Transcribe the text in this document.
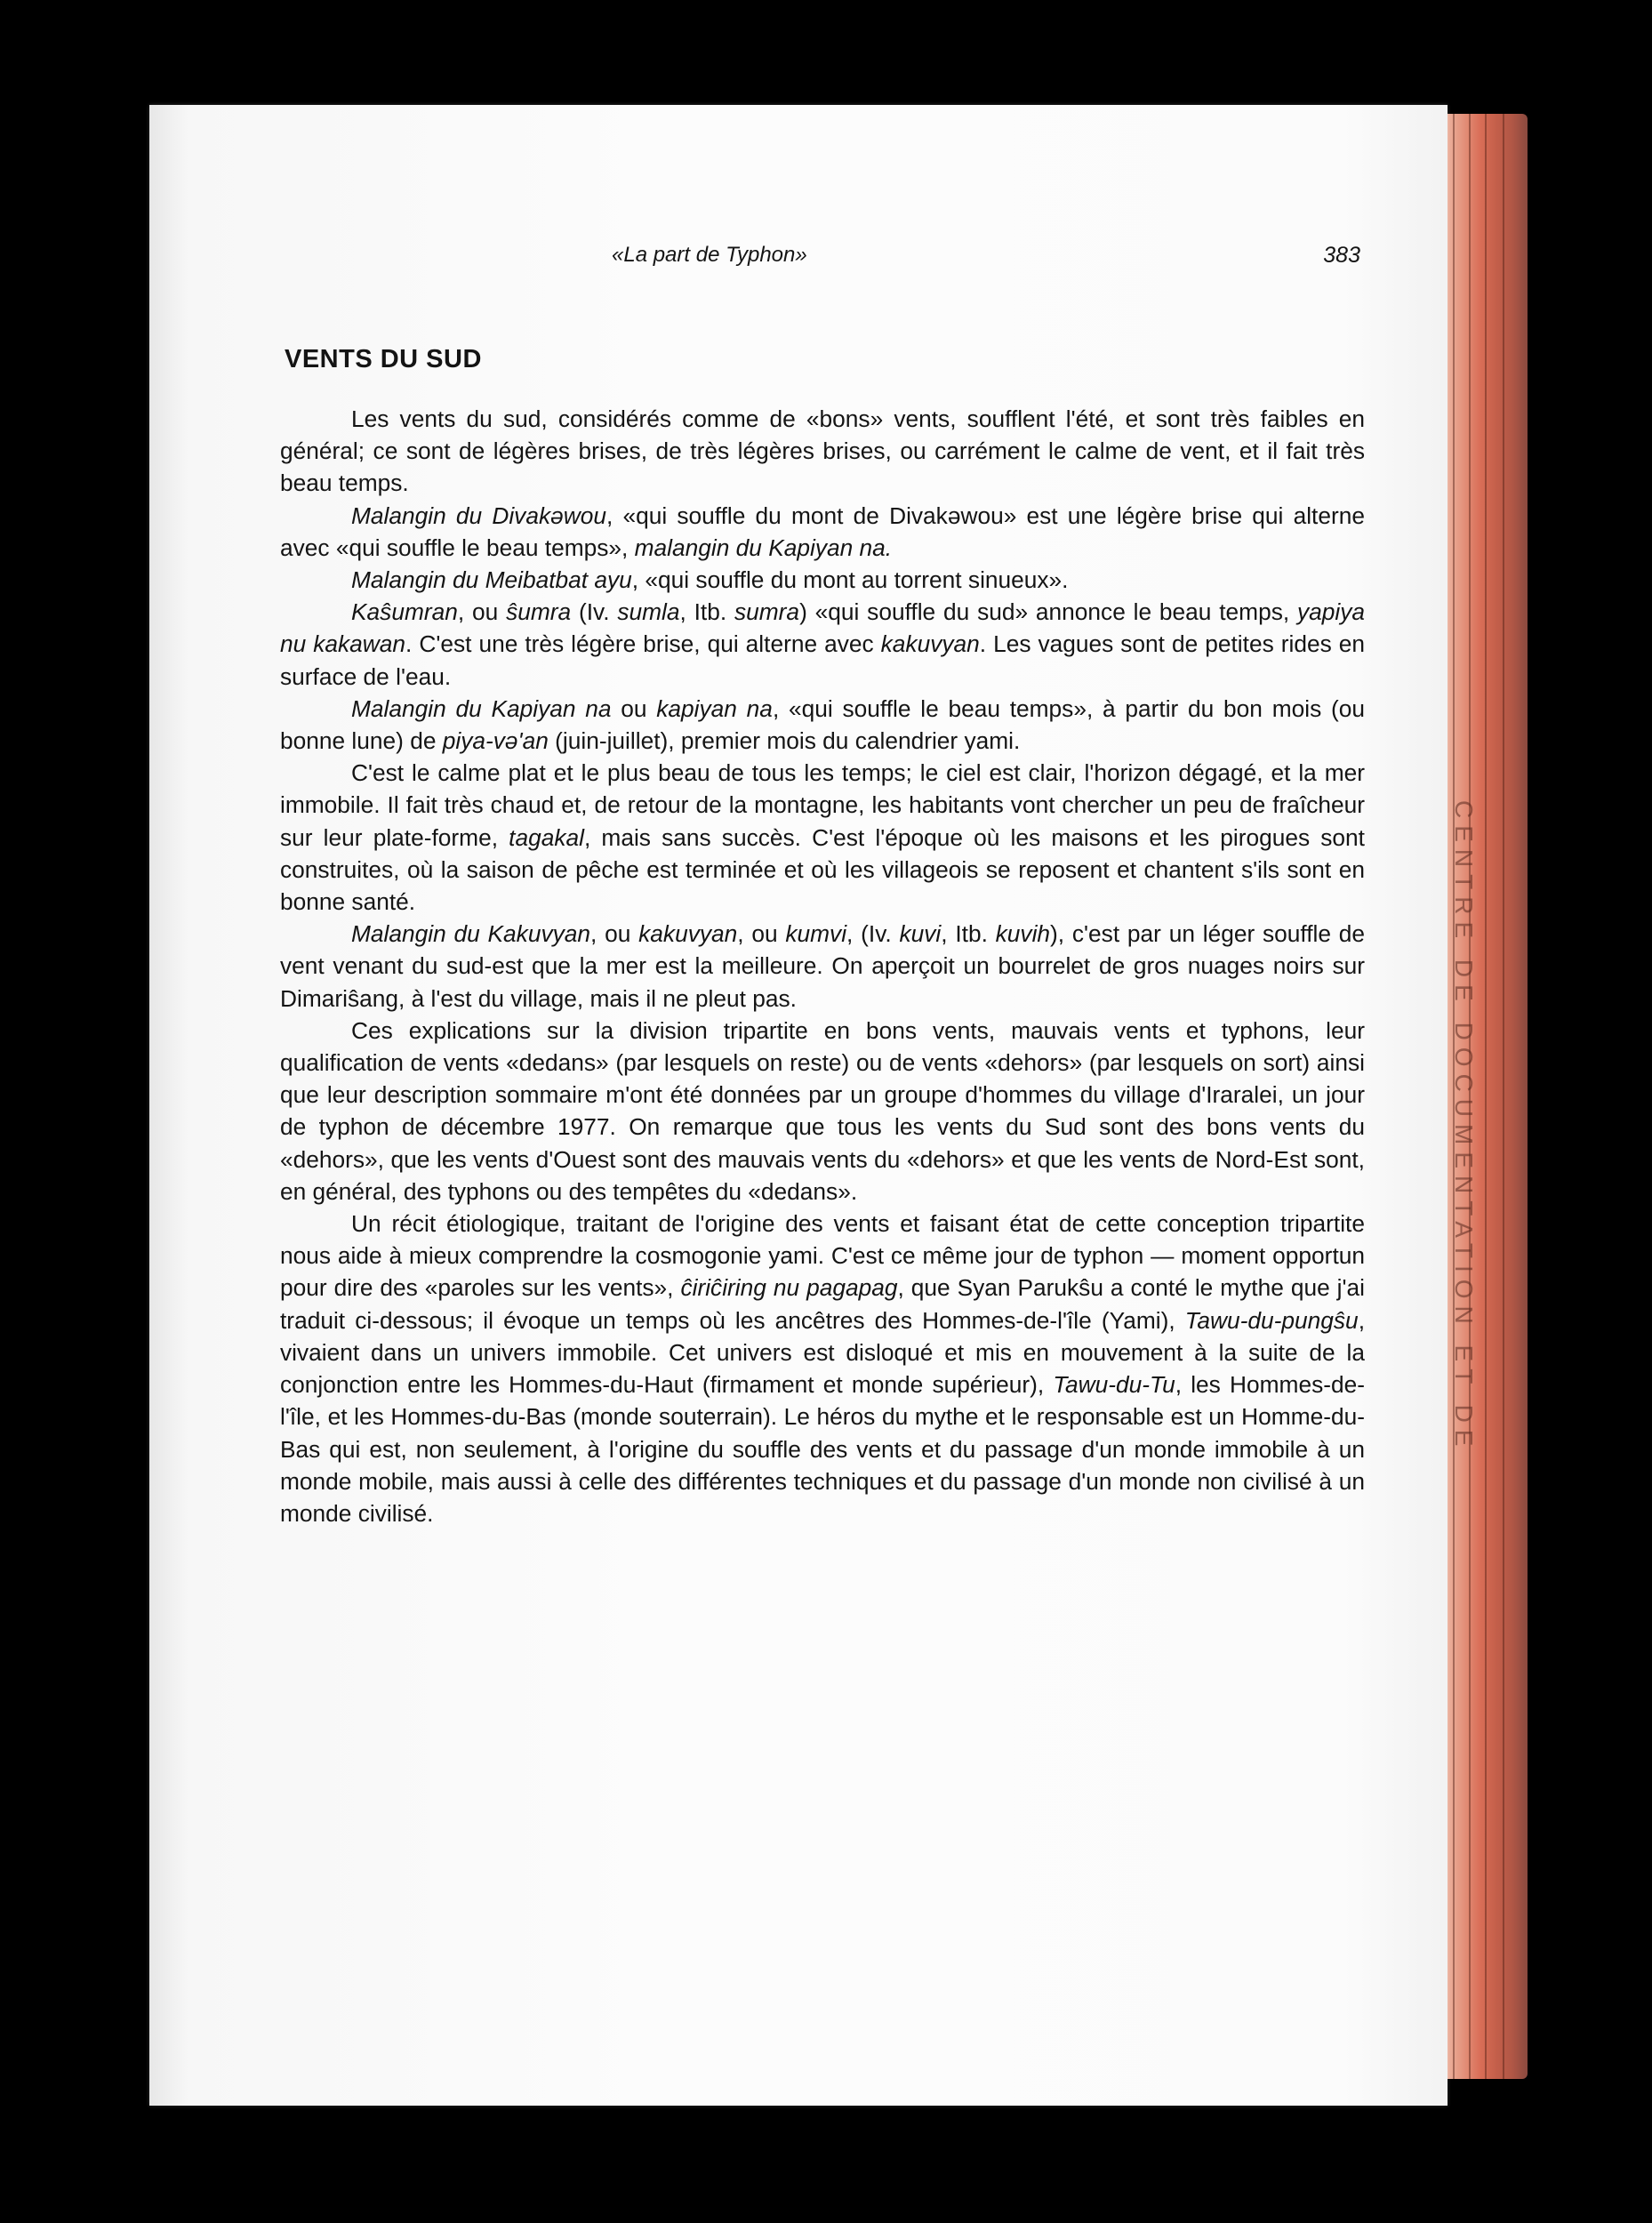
CENTRE DE DOCUMENTATION ET DE
«La part de Typhon»	383
VENTS DU SUD

Les vents du sud, considérés comme de «bons» vents, soufflent l'été, et sont très faibles en général; ce sont de légères brises, de très légères brises, ou carrément le calme de vent, et il fait très beau temps.

Malangin du Divakəwou, «qui souffle du mont de Divakəwou» est une légère brise qui alterne avec «qui souffle le beau temps», malangin du Kapiyan na.

Malangin du Meibatbat ayu, «qui souffle du mont au torrent sinueux».

Kaŝumran, ou ŝumra (Iv. sumla, Itb. sumra) «qui souffle du sud» annonce le beau temps, yapiya nu kakawan. C'est une très légère brise, qui alterne avec kakuvyan. Les vagues sont de petites rides en surface de l'eau.

Malangin du Kapiyan na ou kapiyan na, «qui souffle le beau temps», à partir du bon mois (ou bonne lune) de piya-və'an (juin-juillet), premier mois du calendrier yami.

C'est le calme plat et le plus beau de tous les temps; le ciel est clair, l'horizon dégagé, et la mer immobile. Il fait très chaud et, de retour de la montagne, les habitants vont chercher un peu de fraîcheur sur leur plate-forme, tagakal, mais sans succès. C'est l'époque où les maisons et les pirogues sont construites, où la saison de pêche est terminée et où les villageois se reposent et chantent s'ils sont en bonne santé.

Malangin du Kakuvyan, ou kakuvyan, ou kumvi, (Iv. kuvi, Itb. kuvih), c'est par un léger souffle de vent venant du sud-est que la mer est la meilleure. On aperçoit un bourrelet de gros nuages noirs sur Dimariŝang, à l'est du village, mais il ne pleut pas.

Ces explications sur la division tripartite en bons vents, mauvais vents et typhons, leur qualification de vents «dedans» (par lesquels on reste) ou de vents «dehors» (par lesquels on sort) ainsi que leur description sommaire m'ont été données par un groupe d'hommes du village d'Iraralei, un jour de typhon de décembre 1977. On remarque que tous les vents du Sud sont des bons vents du «dehors», que les vents d'Ouest sont des mauvais vents du «dehors» et que les vents de Nord-Est sont, en général, des typhons ou des tempêtes du «dedans».

Un récit étiologique, traitant de l'origine des vents et faisant état de cette conception tripartite nous aide à mieux comprendre la cosmogonie yami. C'est ce même jour de typhon — moment opportun pour dire des «paroles sur les vents», ĉiriĉiring nu pagapag, que Syan Parukŝu a conté le mythe que j'ai traduit ci-dessous; il évoque un temps où les ancêtres des Hommes-de-l'île (Yami), Tawu-du-pungŝu, vivaient dans un univers immobile. Cet univers est disloqué et mis en mouvement à la suite de la conjonction entre les Hommes-du-Haut (firmament et monde supérieur), Tawu-du-Tu, les Hommes-de-l'île, et les Hommes-du-Bas (monde souterrain). Le héros du mythe et le responsable est un Homme-du-Bas qui est, non seulement, à l'origine du souffle des vents et du passage d'un monde immobile à un monde mobile, mais aussi à celle des différentes techniques et du passage d'un monde non civilisé à un monde civilisé.
